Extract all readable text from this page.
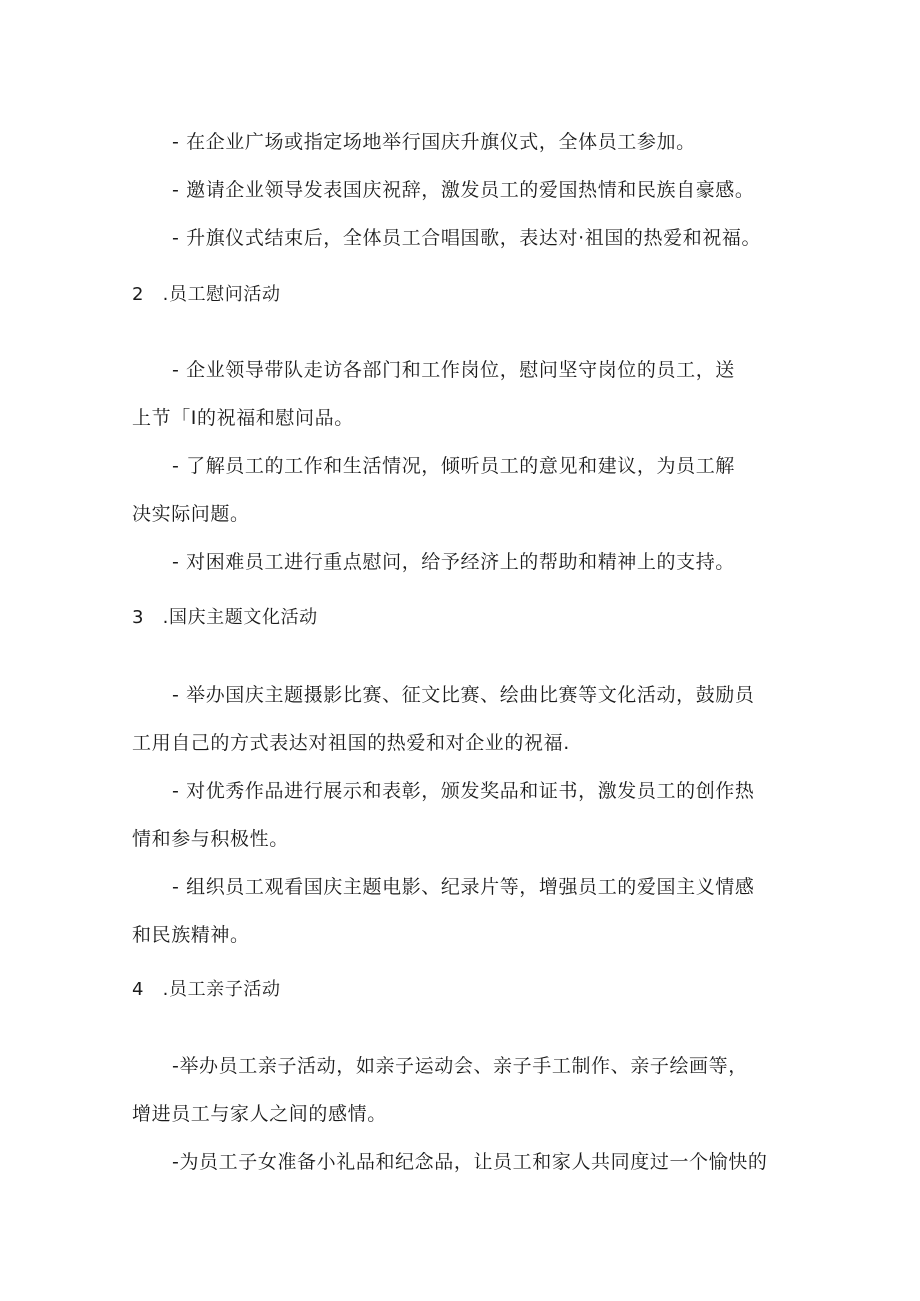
- 在企业广场或指定场地举行国庆升旗仪式，全体员工参加。
- 邀请企业领导发表国庆祝辞，激发员工的爱国热情和民族自豪感。
- 升旗仪式结束后，全体员工合唱国歌，表达对·祖国的热爱和祝福。
2　.员工慰问活动
- 企业领导带队走访各部门和工作岗位，慰问坚守岗位的员工，送
上节「I的祝福和慰问品。
- 了解员工的工作和生活情况，倾听员工的意见和建议，为员工解
决实际问题。
- 对困难员工进行重点慰问，给予经济上的帮助和精神上的支持。
3　.国庆主题文化活动
- 举办国庆主题摄影比赛、征文比赛、绘曲比赛等文化活动，鼓励员
工用自己的方式表达对祖国的热爱和对企业的祝福.
- 对优秀作品进行展示和表彰，颁发奖品和证书，激发员工的创作热
情和参与积极性。
- 组织员工观看国庆主题电影、纪录片等，增强员工的爱国主义情感
和民族精神。
4　.员工亲子活动
-举办员工亲子活动，如亲子运动会、亲子手工制作、亲子绘画等，
增进员工与家人之间的感情。
-为员工子女准备小礼品和纪念品，让员工和家人共同度过一个愉快的
